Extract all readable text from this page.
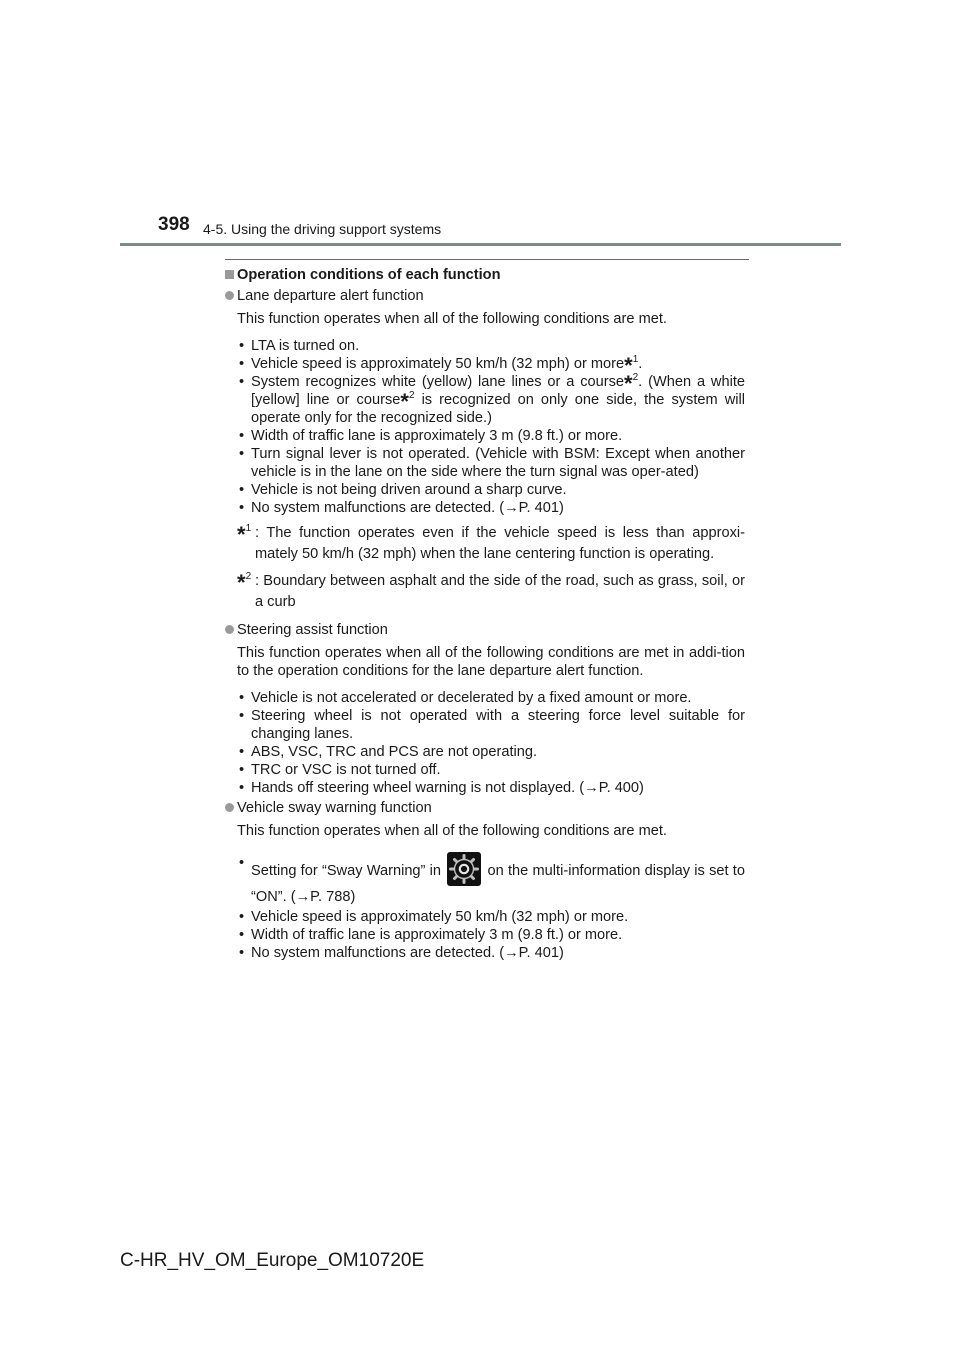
398 4-5. Using the driving support systems
Operation conditions of each function
Lane departure alert function
This function operates when all of the following conditions are met.
• LTA is turned on.
• Vehicle speed is approximately 50 km/h (32 mph) or more*$^1$.
• System recognizes white (yellow) lane lines or a course*$^2$. (When a white [yellow] line or course*$^2$ is recognized on only one side, the system will operate only for the recognized side.)
• Width of traffic lane is approximately 3 m (9.8 ft.) or more.
• Turn signal lever is not operated. (Vehicle with BSM: Except when another vehicle is in the lane on the side where the turn signal was oper-ated)
• Vehicle is not being driven around a sharp curve.
• No system malfunctions are detected. (→P. 401)
*$^1$ : The function operates even if the vehicle speed is less than approxi-mately 50 km/h (32 mph) when the lane centering function is operating.
*$^2$ : Boundary between asphalt and the side of the road, such as grass, soil, or a curb
Steering assist function
This function operates when all of the following conditions are met in addi-tion to the operation conditions for the lane departure alert function.
• Vehicle is not accelerated or decelerated by a fixed amount or more.
• Steering wheel is not operated with a steering force level suitable for changing lanes.
• ABS, VSC, TRC and PCS are not operating.
• TRC or VSC is not turned off.
• Hands off steering wheel warning is not displayed. (→P. 400)
Vehicle sway warning function
This function operates when all of the following conditions are met.
• Setting for “Sway Warning” in	on the multi-information display is set to “ON”. (→P. 788)
• Vehicle speed is approximately 50 km/h (32 mph) or more.
• Width of traffic lane is approximately 3 m (9.8 ft.) or more.
• No system malfunctions are detected. (→P. 401)
C-HR_HV_OM_Europe_OM10720E
